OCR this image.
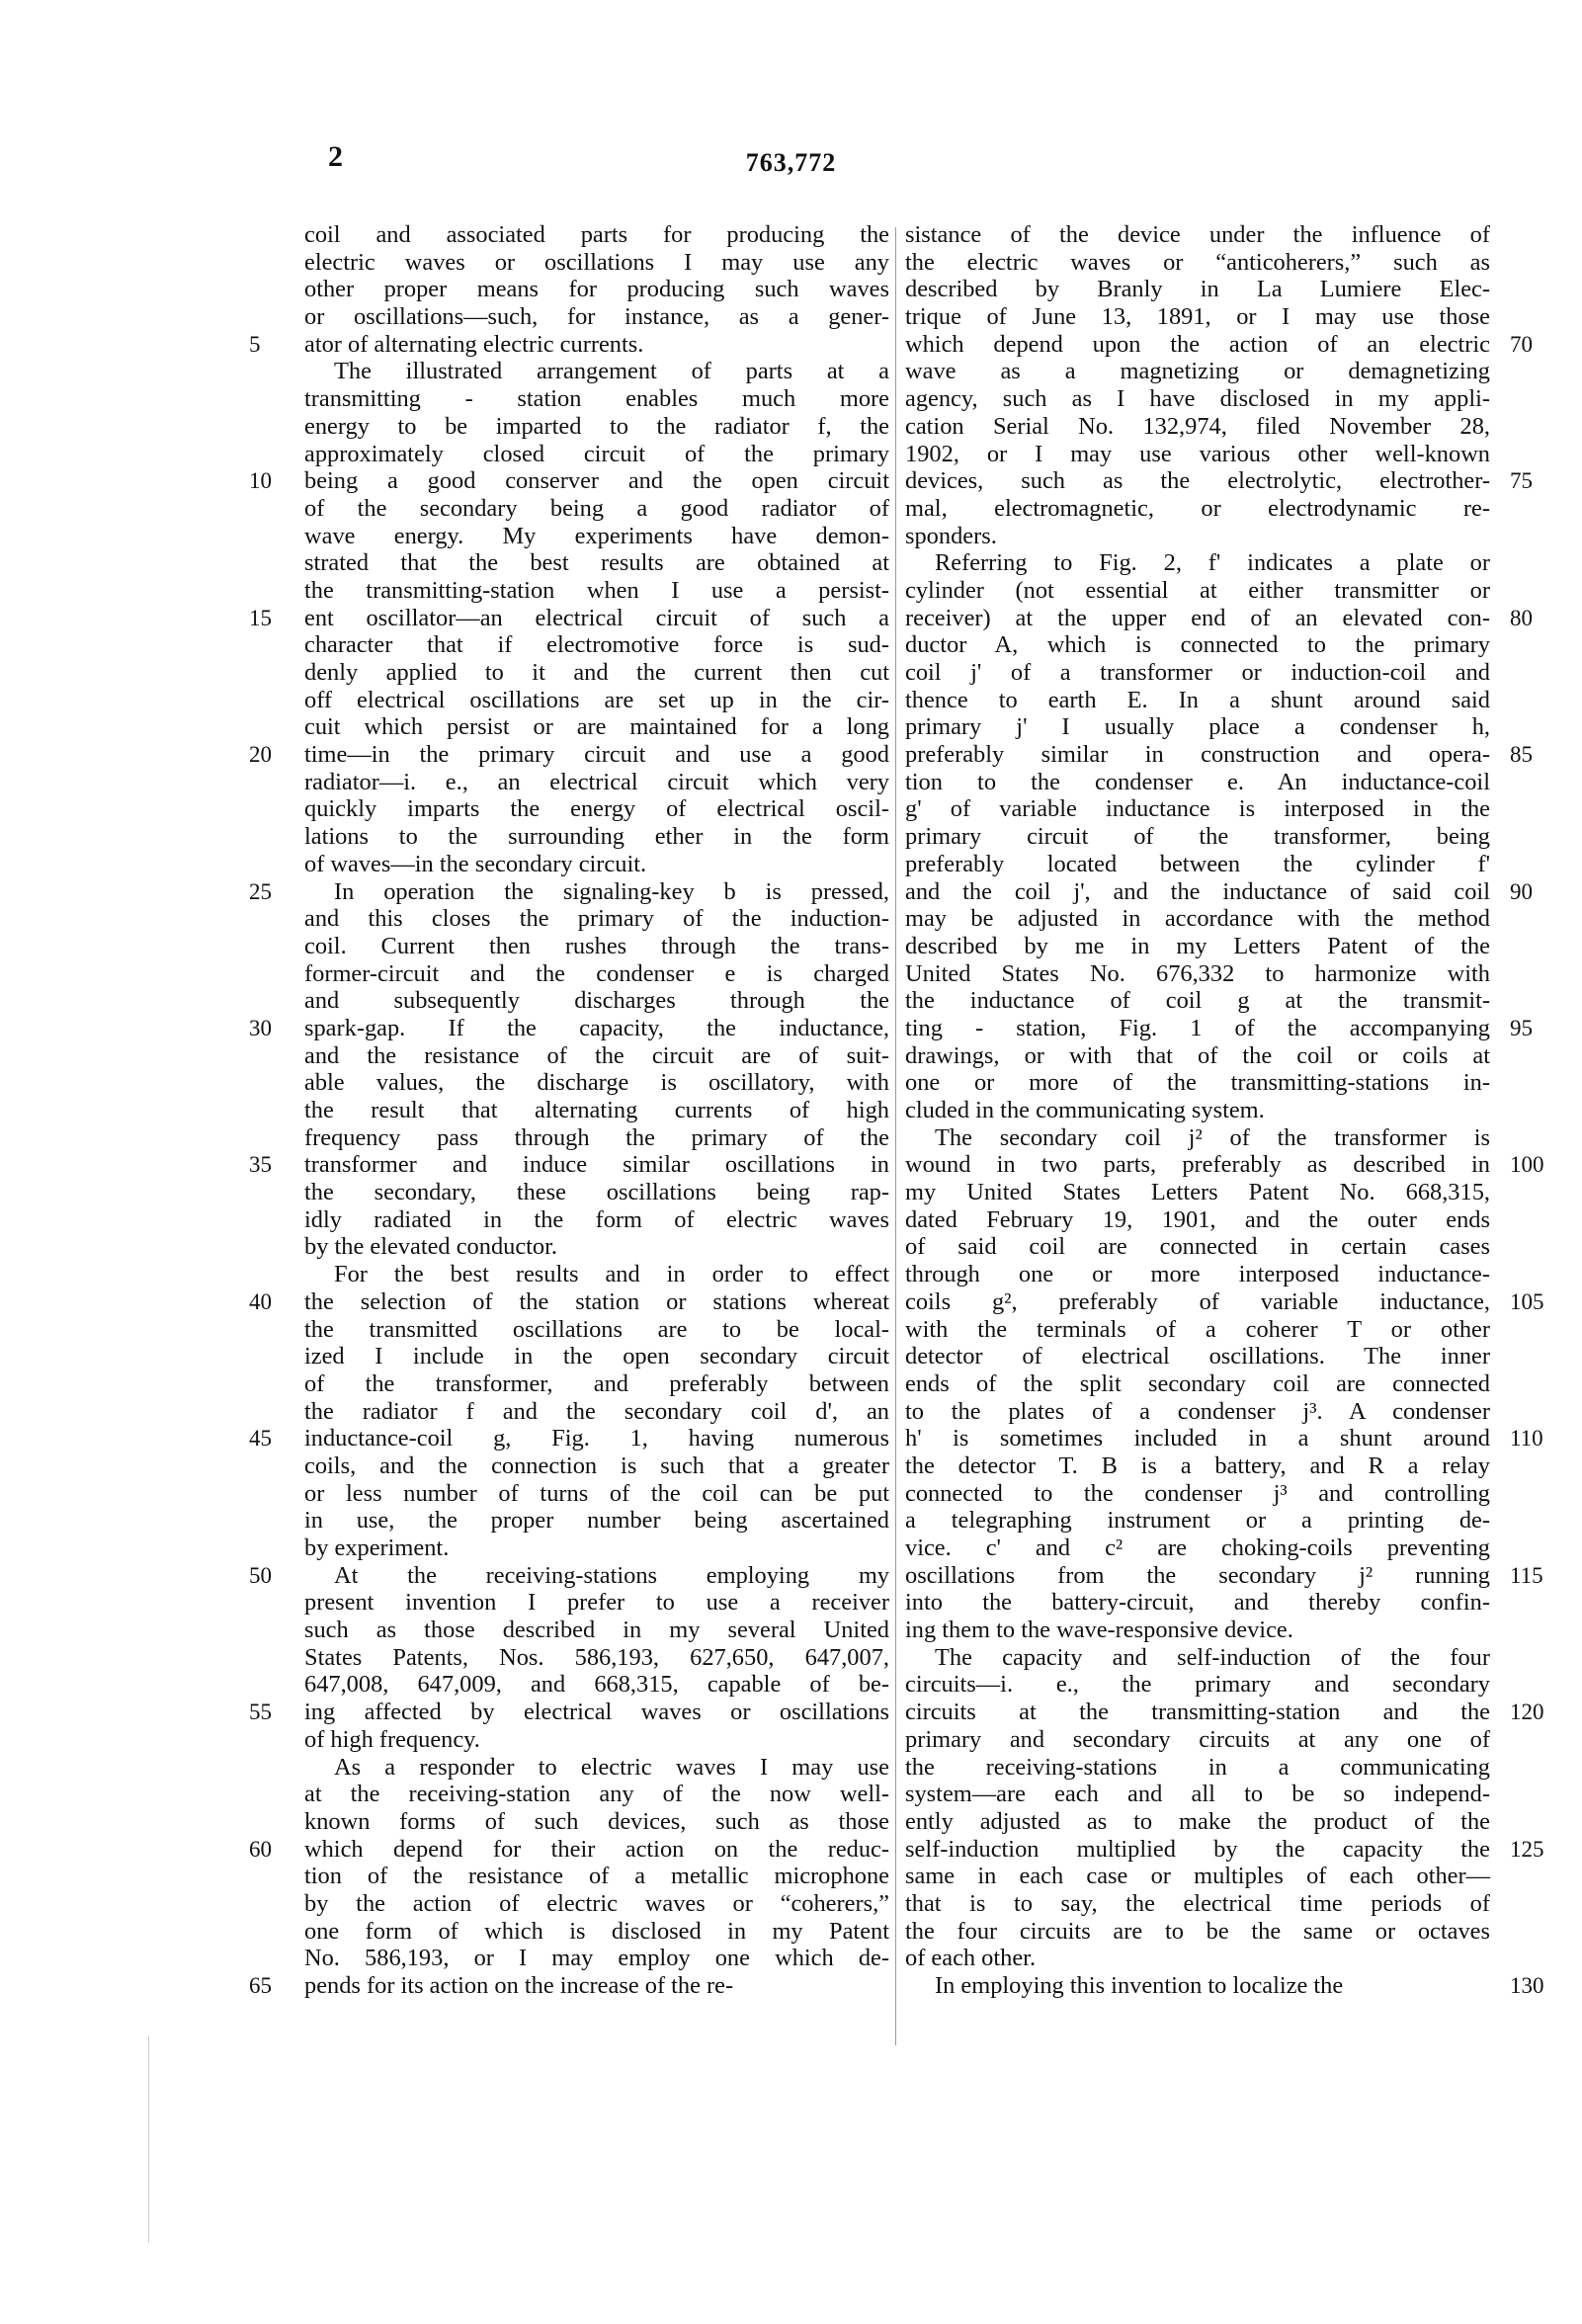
2	763,772
coil and associated parts for producing the
electric waves or oscillations I may use any
other proper means for producing such waves
or oscillations—such, for instance, as a gener-
ator of alternating electric currents.
5
The illustrated arrangement of parts at a
transmitting - station enables much more
energy to be imparted to the radiator f, the
approximately closed circuit of the primary
being a good conserver and the open circuit
10
of the secondary being a good radiator of
wave energy. My experiments have demon-
strated that the best results are obtained at
the transmitting-station when I use a persist-
ent oscillator—an electrical circuit of such a
15
character that if electromotive force is sud-
denly applied to it and the current then cut
off electrical oscillations are set up in the cir-
cuit which persist or are maintained for a long
time—in the primary circuit and use a good
20
radiator—i. e., an electrical circuit which very
quickly imparts the energy of electrical oscil-
lations to the surrounding ether in the form
of waves—in the secondary circuit.
In operation the signaling-key b is pressed,
25
and this closes the primary of the induction-
coil. Current then rushes through the trans-
former-circuit and the condenser e is charged
and subsequently discharges through the
spark-gap. If the capacity, the inductance,
30
and the resistance of the circuit are of suit-
able values, the discharge is oscillatory, with
the result that alternating currents of high
frequency pass through the primary of the
transformer and induce similar oscillations in
35
the secondary, these oscillations being rap-
idly radiated in the form of electric waves
by the elevated conductor.
For the best results and in order to effect
the selection of the station or stations whereat
40
the transmitted oscillations are to be local-
ized I include in the open secondary circuit
of the transformer, and preferably between
the radiator f and the secondary coil d', an
inductance-coil g, Fig. 1, having numerous
45
coils, and the connection is such that a greater
or less number of turns of the coil can be put
in use, the proper number being ascertained
by experiment.
At the receiving-stations employing my
50
present invention I prefer to use a receiver
such as those described in my several United
States Patents, Nos. 586,193, 627,650, 647,007,
647,008, 647,009, and 668,315, capable of be-
ing affected by electrical waves or oscillations
55
of high frequency.
As a responder to electric waves I may use
at the receiving-station any of the now well-
known forms of such devices, such as those
which depend for their action on the reduc-
60
tion of the resistance of a metallic microphone
by the action of electric waves or “coherers,”
one form of which is disclosed in my Patent
No. 586,193, or I may employ one which de-
pends for its action on the increase of the re-
65
sistance of the device under the influence of
the electric waves or “anticoherers,” such as
described by Branly in La Lumiere Elec-
trique of June 13, 1891, or I may use those
which depend upon the action of an electric 70
wave as a magnetizing or demagnetizing
agency, such as I have disclosed in my appli-
cation Serial No. 132,974, filed November 28,
1902, or I may use various other well-known
devices, such as the electrolytic, electrother- 75
mal, electromagnetic, or electrodynamic re-
sponders.
Referring to Fig. 2, f' indicates a plate or
cylinder (not essential at either transmitter or
receiver) at the upper end of an elevated con- 80
ductor A, which is connected to the primary
coil j' of a transformer or induction-coil and
thence to earth E. In a shunt around said
primary j' I usually place a condenser h,
preferably similar in construction and opera- 85
tion to the condenser e. An inductance-coil
g' of variable inductance is interposed in the
primary circuit of the transformer, being
preferably located between the cylinder f'
and the coil j', and the inductance of said coil 90
may be adjusted in accordance with the method
described by me in my Letters Patent of the
United States No. 676,332 to harmonize with
the inductance of coil g at the transmit-
ting - station, Fig. 1 of the accompanying 95
drawings, or with that of the coil or coils at
one or more of the transmitting-stations in-
cluded in the communicating system.
The secondary coil j² of the transformer is
wound in two parts, preferably as described in 100
my United States Letters Patent No. 668,315,
dated February 19, 1901, and the outer ends
of said coil are connected in certain cases
through one or more interposed inductance-
coils g², preferably of variable inductance, 105
with the terminals of a coherer T or other
detector of electrical oscillations. The inner
ends of the split secondary coil are connected
to the plates of a condenser j³. A condenser
h' is sometimes included in a shunt around 110
the detector T. B is a battery, and R a relay
connected to the condenser j³ and controlling
a telegraphing instrument or a printing de-
vice. c' and c² are choking-coils preventing
oscillations from the secondary j² running 115
into the battery-circuit, and thereby confin-
ing them to the wave-responsive device.
The capacity and self-induction of the four
circuits—i. e., the primary and secondary
circuits at the transmitting-station and the 120
primary and secondary circuits at any one of
the receiving-stations in a communicating
system—are each and all to be so independ-
ently adjusted as to make the product of the
self-induction multiplied by the capacity the 125
same in each case or multiples of each other—
that is to say, the electrical time periods of
the four circuits are to be the same or octaves
of each other.
In employing this invention to localize the	130
